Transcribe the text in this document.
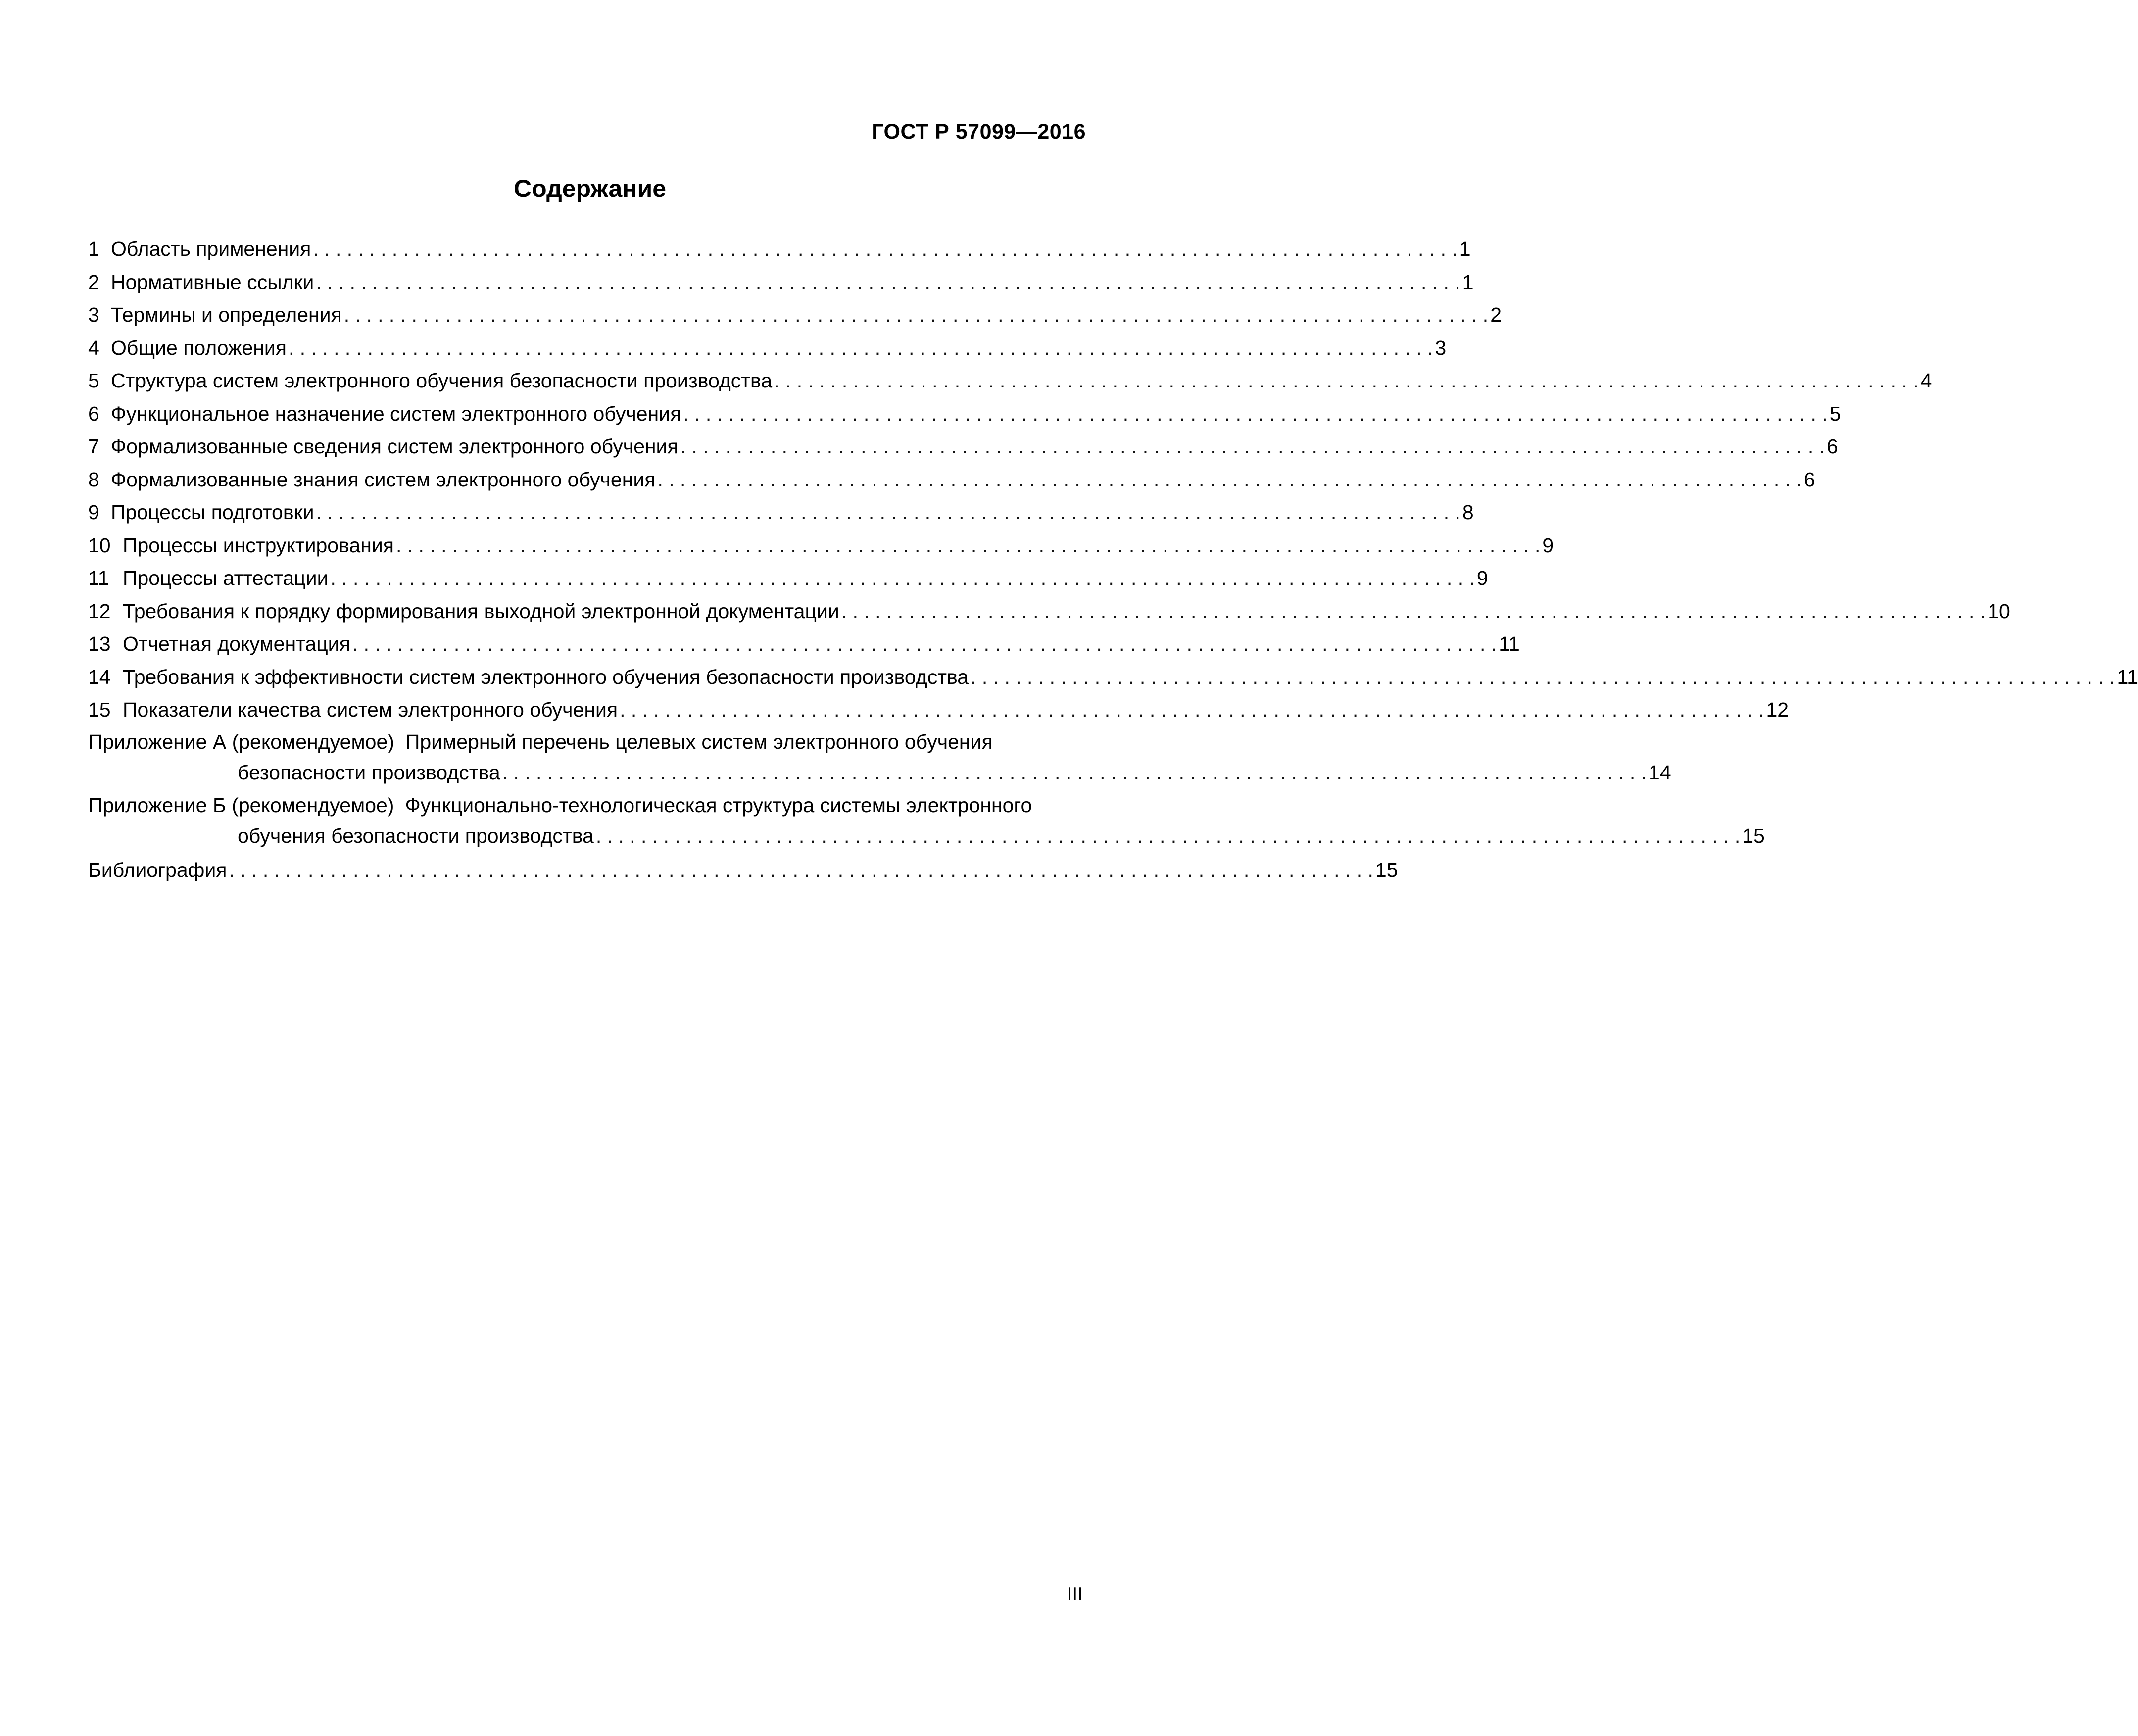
ГОСТ Р 57099—2016
Содержание
1 Область применения . . . . . . . . . . . . . . . . . . . . . . . . . . . . . . . . . . . . . . . . . . . . . . . . . . . . . . . . . . . . . . . . . . . . . . . . . . . . . . . . . . . . . . . . . . . . . . . . . . . . . . 1
2 Нормативные ссылки . . . . . . . . . . . . . . . . . . . . . . . . . . . . . . . . . . . . . . . . . . . . . . . . . . . . . . . . . . . . . . . . . . . . . . . . . . . . . . . . . . . . . . . . . . . . . . . . . . . . . . 1
3 Термины и определения . . . . . . . . . . . . . . . . . . . . . . . . . . . . . . . . . . . . . . . . . . . . . . . . . . . . . . . . . . . . . . . . . . . . . . . . . . . . . . . . . . . . . . . . . . . . . . . . . . . . . . 2
4 Общие положения . . . . . . . . . . . . . . . . . . . . . . . . . . . . . . . . . . . . . . . . . . . . . . . . . . . . . . . . . . . . . . . . . . . . . . . . . . . . . . . . . . . . . . . . . . . . . . . . . . . . . . 3
5 Структура систем электронного обучения безопасности производства . . . . . . . . . . . . . . . . . . . . . . . . . . . . . . . . . . . . . . . . . . . . . . . . . . . . . . . . . . . . . . . . . . . . . . . . . . . . . . . . . . . . . . . . . . . . . . . . . . . . . . 4
6 Функциональное назначение систем электронного обучения . . . . . . . . . . . . . . . . . . . . . . . . . . . . . . . . . . . . . . . . . . . . . . . . . . . . . . . . . . . . . . . . . . . . . . . . . . . . . . . . . . . . . . . . . . . . . . . . . . . . . . 5
7 Формализованные сведения систем электронного обучения . . . . . . . . . . . . . . . . . . . . . . . . . . . . . . . . . . . . . . . . . . . . . . . . . . . . . . . . . . . . . . . . . . . . . . . . . . . . . . . . . . . . . . . . . . . . . . . . . . . . . . 6
8 Формализованные знания систем электронного обучения . . . . . . . . . . . . . . . . . . . . . . . . . . . . . . . . . . . . . . . . . . . . . . . . . . . . . . . . . . . . . . . . . . . . . . . . . . . . . . . . . . . . . . . . . . . . . . . . . . . . . . 6
9 Процессы подготовки . . . . . . . . . . . . . . . . . . . . . . . . . . . . . . . . . . . . . . . . . . . . . . . . . . . . . . . . . . . . . . . . . . . . . . . . . . . . . . . . . . . . . . . . . . . . . . . . . . . . . . 8
10 Процессы инструктирования . . . . . . . . . . . . . . . . . . . . . . . . . . . . . . . . . . . . . . . . . . . . . . . . . . . . . . . . . . . . . . . . . . . . . . . . . . . . . . . . . . . . . . . . . . . . . . . . . . . . . . 9
11 Процессы аттестации . . . . . . . . . . . . . . . . . . . . . . . . . . . . . . . . . . . . . . . . . . . . . . . . . . . . . . . . . . . . . . . . . . . . . . . . . . . . . . . . . . . . . . . . . . . . . . . . . . . . . . 9
12 Требования к порядку формирования выходной электронной документации . . . . . . . . . . . . . . . . . . . . . . . . . . . . . . . . . . . . . . . . . . . . . . . . . . . . . . . . . . . . . . . . . . . . . . . . . . . . . . . . . . . . . . . . . . . . . . . . . . . . . . 10
13 Отчетная документация . . . . . . . . . . . . . . . . . . . . . . . . . . . . . . . . . . . . . . . . . . . . . . . . . . . . . . . . . . . . . . . . . . . . . . . . . . . . . . . . . . . . . . . . . . . . . . . . . . . . . . 11
14 Требования к эффективности систем электронного обучения безопасности производства . . . . . . . . . . . . . . . . . . . . . . . . . . . . . . . . . . . . . . . . . . . . . . . . . . . . . . . . . . . . . . . . . . . . . . . . . . . . . . . . . . . . . . . . . . . . . . . . . . . . . . 11
15 Показатели качества систем электронного обучения . . . . . . . . . . . . . . . . . . . . . . . . . . . . . . . . . . . . . . . . . . . . . . . . . . . . . . . . . . . . . . . . . . . . . . . . . . . . . . . . . . . . . . . . . . . . . . . . . . . . . . 12
Приложение А (рекомендуемое) Примерный перечень целевых систем электронного обучения
безопасности производства . . . . . . . . . . . . . . . . . . . . . . . . . . . . . . . . . . . . . . . . . . . . . . . . . . . . . . . . . . . . . . . . . . . . . . . . . . . . . . . . . . . . . . . . . . . . . . . . . . . . . . 14
Приложение Б (рекомендуемое) Функционально-технологическая структура системы электронного
обучения безопасности производства . . . . . . . . . . . . . . . . . . . . . . . . . . . . . . . . . . . . . . . . . . . . . . . . . . . . . . . . . . . . . . . . . . . . . . . . . . . . . . . . . . . . . . . . . . . . . . . . . . . . . . 15
Библиография . . . . . . . . . . . . . . . . . . . . . . . . . . . . . . . . . . . . . . . . . . . . . . . . . . . . . . . . . . . . . . . . . . . . . . . . . . . . . . . . . . . . . . . . . . . . . . . . . . . . . . 15
III
